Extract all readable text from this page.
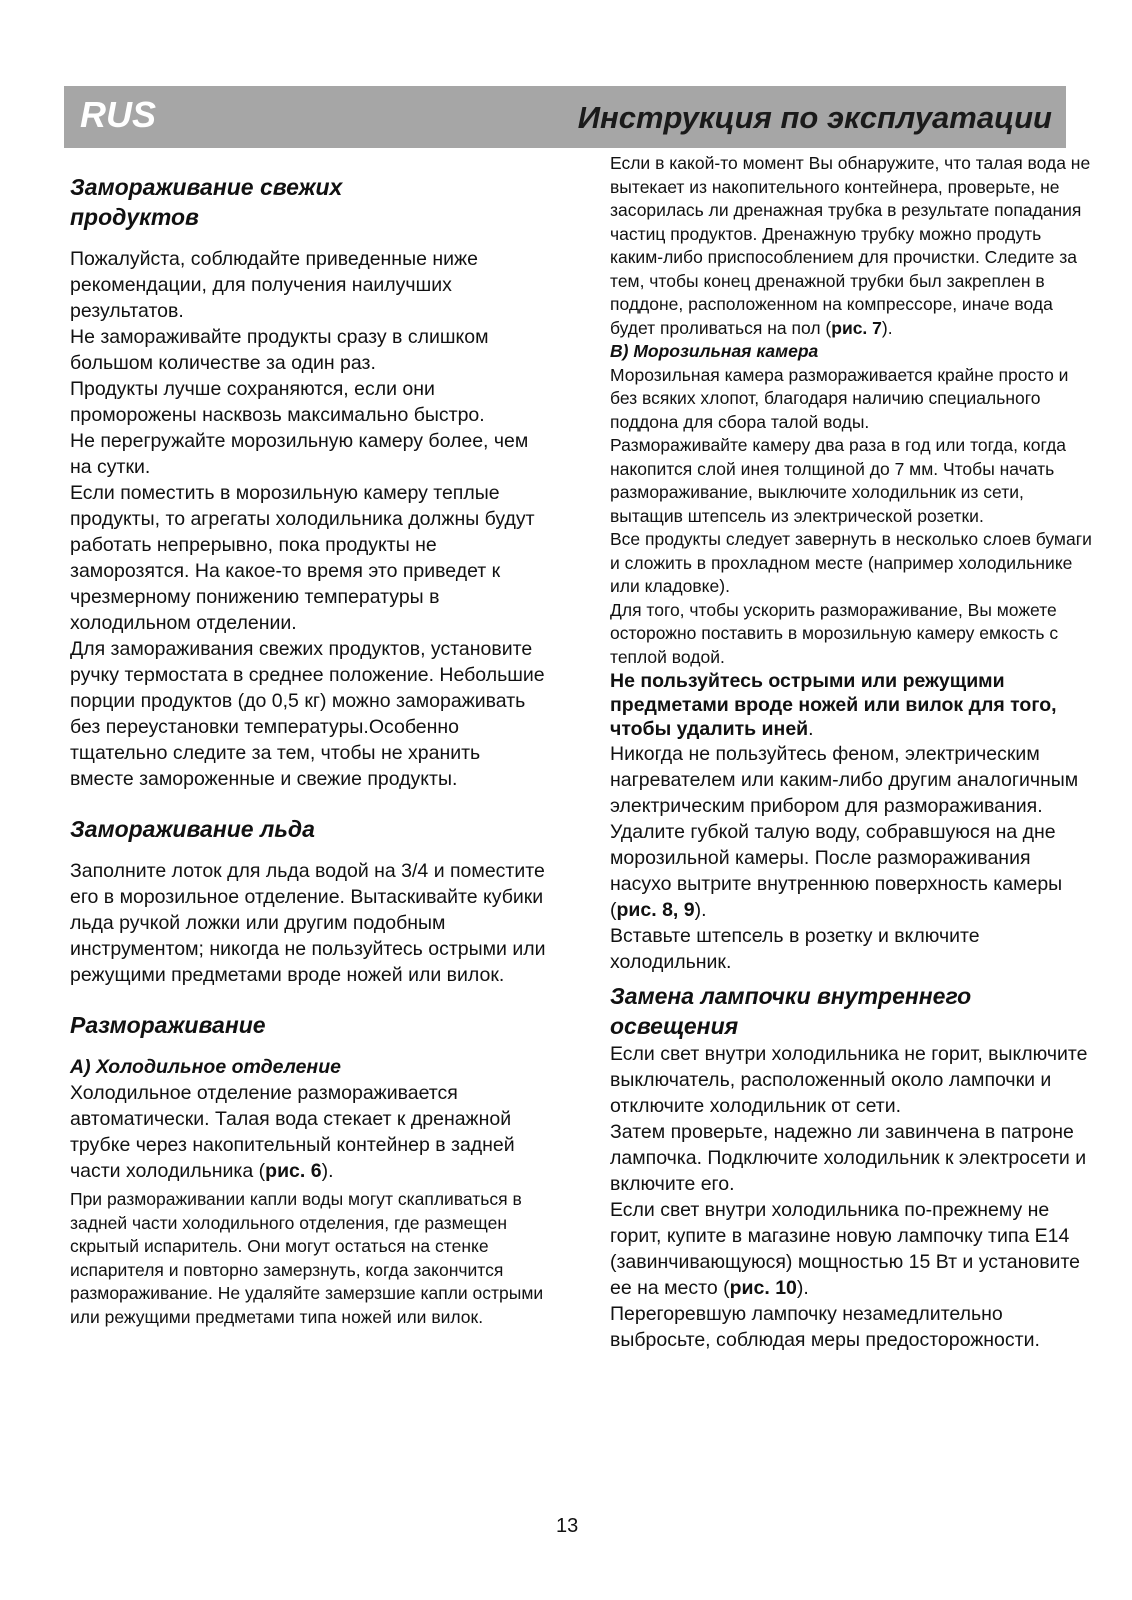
RUS	Инструкция по эксплуатации
Замораживание свежих продуктов

Пожалуйста, соблюдайте приведенные ниже рекомендации, для получения наилучших результатов.

Не замораживайте продукты сразу в слишком большом количестве за один раз.

Продукты лучше сохраняются, если они проморожены насквозь максимально быстро.

Не перегружайте морозильную камеру более, чем на сутки.

Если поместить в морозильную камеру теплые продукты, то агрегаты холодильника должны будут работать непрерывно, пока продукты не заморозятся. На какое-то время это приведет к чрезмерному понижению температуры в холодильном отделении.

Для замораживания свежих продуктов, установите ручку термостата в среднее положение. Небольшие порции продуктов (до 0,5 кг) можно замораживать без переустановки температуры.Особенно тщательно следите за тем, чтобы не хранить вместе замороженные и свежие продукты.

Замораживание льда

Заполните лоток для льда водой на 3/4 и поместите его в морозильное отделение. Вытаскивайте кубики льда ручкой ложки или другим подобным инструментом; никогда не пользуйтесь острыми или режущими предметами вроде ножей или вилок.

Размораживание

А) Холодильное отделение

Холодильное отделение размораживается автоматически. Талая вода стекает к дренажной трубке через накопительный контейнер в задней части холодильника (рис. 6).

При размораживании капли воды могут скапливаться в задней части холодильного отделения, где размещен скрытый испаритель. Они могут остаться на стенке испарителя и повторно замерзнуть, когда закончится размораживание. Не удаляйте замерзшие капли острыми или режущими предметами типа ножей или вилок.

Если в какой-то момент Вы обнаружите, что талая вода не вытекает из накопительного контейнера, проверьте, не засорилась ли дренажная трубка в результате попадания частиц продуктов. Дренажную трубку можно продуть каким-либо приспособлением для прочистки. Следите за тем, чтобы конец дренажной трубки был закреплен в поддоне, расположенном на компрессоре, иначе вода будет проливаться на пол (рис. 7).

В) Морозильная камера

Морозильная камера размораживается крайне просто и без всяких хлопот, благодаря наличию специального поддона для сбора талой воды.

Размораживайте камеру два раза в год или тогда, когда накопится слой инея толщиной до 7 мм. Чтобы начать размораживание, выключите холодильник из сети, вытащив штепсель из электрической розетки.

Все продукты следует завернуть в несколько слоев бумаги и сложить в прохладном месте (например холодильнике или кладовке).

Для того, чтобы ускорить размораживание, Вы можете осторожно поставить в морозильную камеру емкость с теплой водой.

Не пользуйтесь острыми или режущими предметами вроде ножей или вилок для того, чтобы удалить иней.

Никогда не пользуйтесь феном, электрическим нагревателем или каким-либо другим аналогичным электрическим прибором для размораживания.

Удалите губкой талую воду, собравшуюся на дне морозильной камеры. После размораживания насухо вытрите внутреннюю поверхность камеры (рис. 8, 9).

Вставьте штепсель в розетку и включите холодильник.

Замена лампочки внутреннего освещения

Если свет внутри холодильника не горит, выключите выключатель, расположенный около лампочки и отключите холодильник от сети.

Затем проверьте, надежно ли завинчена в патроне лампочка. Подключите холодильник к электросети и включите его.

Если свет внутри холодильника по-прежнему не горит, купите в магазине новую лампочку типа Е14 (завинчивающуюся) мощностью 15 Вт и установите ее на место (рис. 10).

Перегоревшую лампочку незамедлительно выбросьте, соблюдая меры предосторожности.

13
